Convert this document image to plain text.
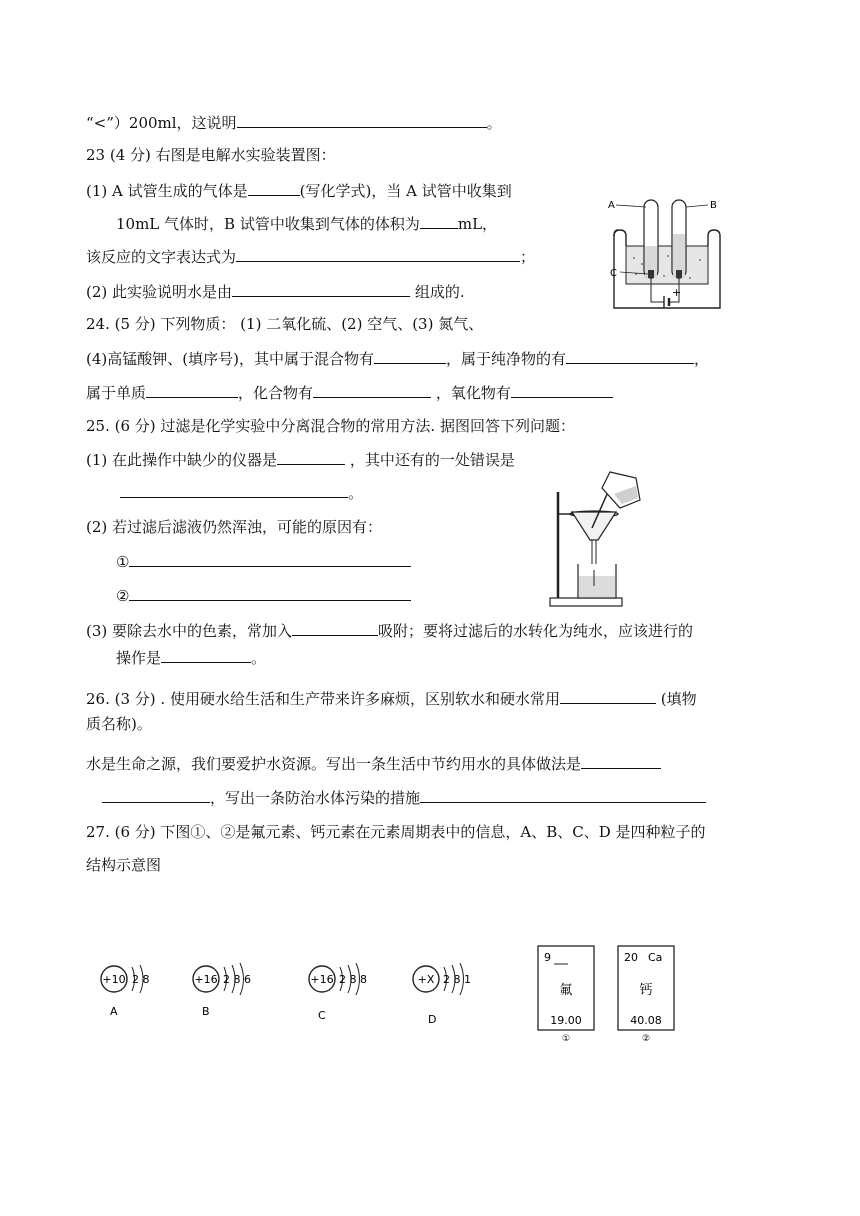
“<”）200ml，这说明	。
23 (4 分) 右图是电解水实验装置图：
(1) A 试管生成的气体是	(写化学式)，当 A 试管中收集到
10mL 气体时，B 试管中收集到气体的体积为	mL，
该反应的文字表达式为	；
(2) 此实验说明水是由	组成的.
A	B
C
+
24. (5 分) 下列物质： (1) 二氧化硫、(2) 空气、(3) 氮气、
(4)高锰酸钾、(填序号)，其中属于混合物有	，属于纯净物的有	，
属于单质	，化合物有	，氧化物有
25. (6 分) 过滤是化学实验中分离混合物的常用方法. 据图回答下列问题：
(1) 在此操作中缺少的仪器是	，其中还有的一处错误是
。
(2) 若过滤后滤液仍然浑浊，可能的原因有：
①
②
(3) 要除去水中的色素，常加入	吸附；要将过滤后的水转化为纯水，应该进行的
操作是	。
26. (3 分) . 使用硬水给生活和生产带来许多麻烦，区别软水和硬水常用	(填物
质名称)。
水是生命之源，我们要爱护水资源。写出一条生活中节约用水的具体做法是
，写出一条防治水体污染的措施
27. (6 分) 下图①、②是氟元素、钙元素在元素周期表中的信息，A、B、C、D 是四种粒子的
结构示意图
+10 2 8
A
+16 2 8 6
B
+16 2 8 8
C
+X 2 8 1
D
9
氟
19.00
①
20 Ca
钙
40.08
②
